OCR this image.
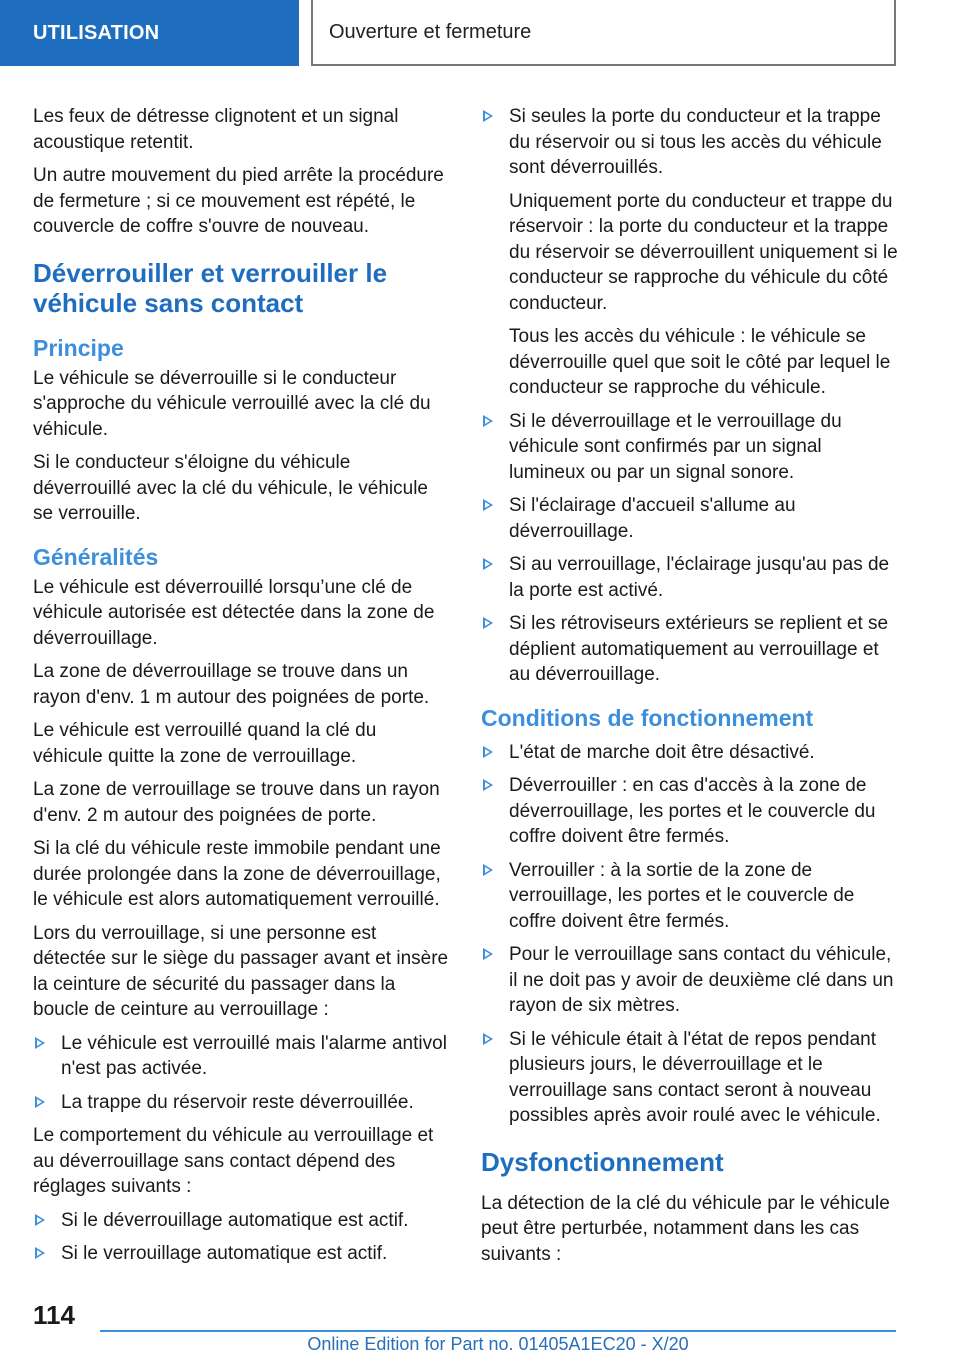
UTILISATION	Ouverture et fermeture

Les feux de détresse clignotent et un signal acoustique retentit.

Un autre mouvement du pied arrête la procédure de fermeture ; si ce mouvement est répété, le couvercle de coffre s'ouvre de nouveau.

Déverrouiller et verrouiller le véhicule sans contact
Principe

Le véhicule se déverrouille si le conducteur s'approche du véhicule verrouillé avec la clé du véhicule.

Si le conducteur s'éloigne du véhicule déverrouillé avec la clé du véhicule, le véhicule se verrouille.

Généralités

Le véhicule est déverrouillé lorsqu’une clé de véhicule autorisée est détectée dans la zone de déverrouillage.

La zone de déverrouillage se trouve dans un rayon d'env. 1 m autour des poignées de porte.

Le véhicule est verrouillé quand la clé du véhicule quitte la zone de verrouillage.

La zone de verrouillage se trouve dans un rayon d'env. 2 m autour des poignées de porte.

Si la clé du véhicule reste immobile pendant une durée prolongée dans la zone de déverrouillage, le véhicule est alors automatiquement verrouillé.

Lors du verrouillage, si une personne est détectée sur le siège du passager avant et insère la ceinture de sécurité du passager dans la boucle de ceinture au verrouillage :

Le véhicule est verrouillé mais l'alarme antivol n'est pas activée.
La trappe du réservoir reste déverrouillée.

Le comportement du véhicule au verrouillage et au déverrouillage sans contact dépend des réglages suivants :

Si le déverrouillage automatique est actif.
Si le verrouillage automatique est actif.
Si seules la porte du conducteur et la trappe du réservoir ou si tous les accès du véhicule sont déverrouillés.
Uniquement porte du conducteur et trappe du réservoir : la porte du conducteur et la trappe du réservoir se déverrouillent uniquement si le conducteur se rapproche du véhicule du côté conducteur.
Tous les accès du véhicule : le véhicule se déverrouille quel que soit le côté par lequel le conducteur se rapproche du véhicule.
Si le déverrouillage et le verrouillage du véhicule sont confirmés par un signal lumineux ou par un signal sonore.
Si l'éclairage d'accueil s'allume au déverrouillage.
Si au verrouillage, l'éclairage jusqu'au pas de la porte est activé.
Si les rétroviseurs extérieurs se replient et se déplient automatiquement au verrouillage et au déverrouillage.
Conditions de fonctionnement
L'état de marche doit être désactivé.
Déverrouiller : en cas d'accès à la zone de déverrouillage, les portes et le couvercle du coffre doivent être fermés.
Verrouiller : à la sortie de la zone de verrouillage, les portes et le couvercle de coffre doivent être fermés.
Pour le verrouillage sans contact du véhicule, il ne doit pas y avoir de deuxième clé dans un rayon de six mètres.
Si le véhicule était à l'état de repos pendant plusieurs jours, le déverrouillage et le verrouillage sans contact seront à nouveau possibles après avoir roulé avec le véhicule.
Dysfonctionnement

La détection de la clé du véhicule par le véhicule peut être perturbée, notamment dans les cas suivants :

114
Online Edition for Part no. 01405A1EC20 - X/20
